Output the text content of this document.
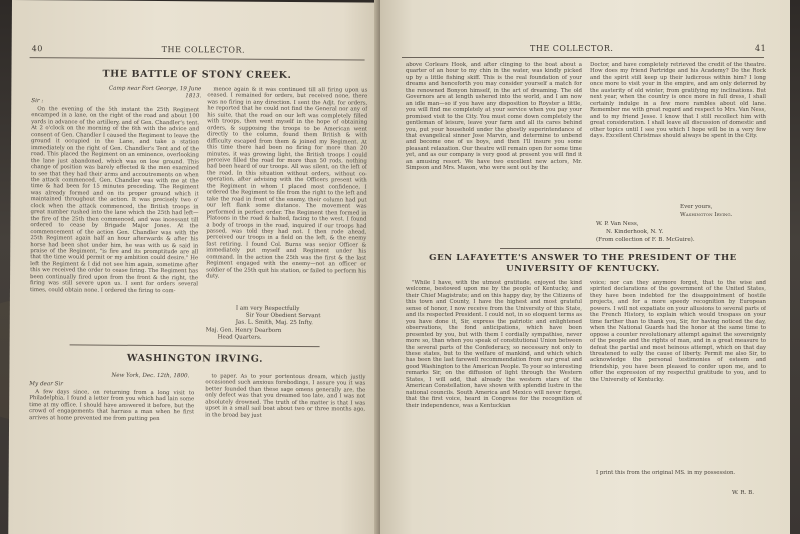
40	THE COLLECTOR.
THE BATTLE OF STONY CREEK.
Camp near Fort George, 19 June 1813.
Sir :

On the evening of the 5th instant the 25th Regiment encamped in a lane, on the right of the road and about 100 yards in advance of the artillery, and of Gen. Chandler's tent. At 2 o'clock on the morning of the 6th with the advice and consent of Gen. Chandler I caused the Regiment to leave the ground it occupied in the Lane, and take a station immediately on the right of Gen. Chandler's Tent and of the road. This placed the Regiment on an eminence, overlooking the lane just abandoned, which was on low ground. This change of position was barely effected & the men examined to see that they had their arms and accoutrements on when the attack commenced. Gen. Chandler was with me at the time & had been for 15 minutes preceding. The Regiment was already formed and on its proper ground which it maintained throughout the action. It was precisely two o' clock when the attack commenced, the British troops in great number rushed into the lane which the 25th had left—the fire of the 25th then commenced, and was incessant till ordered to cease by Brigade Major Jones. At the commencement of the action Gen. Chandler was with the 25th Regiment again half an hour afterwards & after his horse had been shot under him, he was with us & said in praise of the Regiment, "is fire and its promptitude are all that the time would permit or my ambition could desire." He left the Regiment & I did not see him again, sometime after this we received the order to cease firing. The Regiment has been continually fired upon from the front & the right, the firing was still severe upon us. I sent for orders several times, could obtain none. I ordered the firing to com-

mence again & it was continued till all firing upon us ceased. I remained for orders, but received none, there was no firing in any direction. I sent the Adjt. for orders, he reported that he could not find the General nor any of his suite, that the road on our left was completely filled with troops, then went myself in the hope of obtaining orders, & supposing the troops to be American went directly to the column, found them British & with difficulty escaped from them & joined my Regiment. At this time there had been no firing for more than 20 minutes, it was growing light, the British troops I could perceive filled the road for more than 50 rods, nothing had been heard of our troops. All was silent, on the left of the road. In this situation without orders, without co-operation, after advising with the Officers present with the Regiment in whom I placed most confidence, I ordered the Regiment to file from the right to the left and take the road in front of the enemy, their column had put our left flank some distance. The movement was performed in perfect order. The Regiment then formed in Platoons in the road & halted, facing to the west. I found a body of troops in the road, inquired if our troops had passed, was told they had not. I then rode ahead, perceived our troops in a field on the left, & the enemy fast retiring. I found Col. Burns was senior Officer & immediately put myself and Regiment under his command. In the action the 25th was the first & the last Regiment engaged with the enemy—not an officer or soldier of the 25th quit his station, or failed to perform his duty.

I am very Respectfully
Sir Your Obedient Servant
Jas. L. Smith, Maj. 25 Infty.
Maj. Gen. Henry Dearborn
Head Quarters.
WASHINGTON IRVING.
New York, Dec. 12th, 1800.
My dear Sir

A few days since, on returning from a long visit to Philadelphia, I found a letter from you which had lain some time at my office. I should have answered it before, but the crowd of engagements that harrass a man when he first arrives at home prevented me from putting pen

to paper. As to your portentous dream, which justly occasioned such anxious forebodings, I assure you it was better founded than these sage omens generally are, the only defect was that you dreamed too late, and I was not absolutely drowned. The truth of the matter is that I was upset in a small sail boat about two or three months ago, in the broad bay just

THE COLLECTOR.	41

above Corlears Hook, and after clinging to the boat about a quarter of an hour to my chin in the water, was kindly picked up by a little fishing skiff. This is the real foundation of your dreams and henceforth you may consider yourself a match for the renowned Bonyon himself, in the art of dreaming. The old Governors are at length ushered into the world, and I am now an idle man—so if you have any disposition to Royster a little, you will find me completely at your service when you pay your promised visit to the City. You must come down completely the gentleman of leisure, leave your farm and all its cares behind you, put your household under the ghostly superintendance of that evangelical sinner Jose Marvin, and determine to unbend and become one of us boys, and then I'll insure you some pleasant relaxation. Our theatre will remain open for some time yet, and as our company is very good at present you will find it an amusing resort. We have two excellent new actors, Mr. Simpson and Mrs. Mason, who were sent out by the

Doctor, and have completely retrieved the credit of the theatre. How does my friend Partridge and his Academy? Do the Rock and the spirit still keep up their ludicrous within him? I long once more to visit your in the empire, and am only deterred by the austerity of old winter, from gratifying my inclinations. But next year, when the country is once more in full dress, I shall certainly indulge in a few more rambles about old lane. Remember me with great regard and respect to Mrs. Van Ness, and to my friend Jesse. I know that I still recollect him with great consideration. I shall leave all discussion of domestic and other topics until I see you which I hope will be in a very few days. Excellent Christmas should always be spent in the City.

Ever yours,
Washington Irving.
W. P. Van Ness,
N. Kinderhook, N. Y.
(From collection of F. B. McGuire).
GEN LAFAYETTE'S ANSWER TO THE PRESIDENT OF THE
UNIVERSITY OF KENTUCKY.

"While I have, with the utmost gratitude, enjoyed the kind welcome, bestowed upon me by the people of Kentucky, and their Chief Magistrate; and on this happy day, by the Citizens of this town and County, I have the highest and most grateful sense of honor, I now receive from the University of this State, and its respected President. I could not, in so eloquent terms as you have done it, Sir, express the patriotic and enlightened observations, the fond anticipations, which have been presented by you, but with them I cordially sympathise, never more so, than when you speak of constitutional Union between the several parts of the Confederacy, so necessary not only to these states, but to the welfare of mankind, and which which has been the last farewell recommendation from our great and good Washington to the American People. To your so interesting remarks Sir, on the diffusion of light through the Western States, I will add, that already the western stars of the American Constellation, have shown with splendid lustre in the national councils. South America and Mexico will never forget, that the first voice, heard in Congress for the recognition of their independence, was a Kentuckian

voice; nor can they anymore forget, that to the wise and spirited declarations of the government of the United States, they have been indebted for the disappointment of hostile projects, and for a more speedy recognition by European powers. I will not expatiate on your allusions to several parts of the French History, to explain which would trespass on your time farther than to thank you, Sir, for having noticed the day, when the National Guards had the honor at the same time to oppose a counter revolutionary attempt against the sovereignty of the people and the rights of man, and in a great measure to defeat the partial and most heinous attempt, which on that day threatened to sully the cause of liberty. Permit me also Sir, to acknowledge the personal testimonies of esteem and friendship, you have been pleased to confer upon me, and to offer the expression of my respectful gratitude to you, and to the University of Kentucky.

I print this from the original MS. in my possession.

W. R. B.
